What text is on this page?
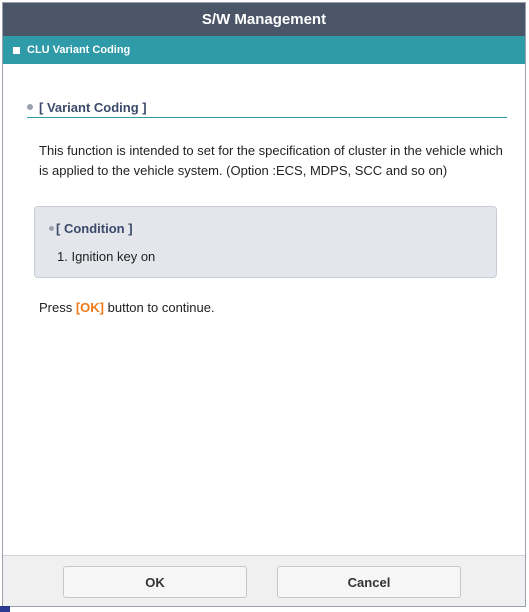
S/W Management
CLU Variant Coding
[ Variant Coding ]
This function is intended to set for the specification of cluster in the vehicle which is applied to the vehicle system. (Option :ECS, MDPS, SCC and so on)
[ Condition ]
1. Ignition key on
Press [OK] button to continue.
OK	Cancel
